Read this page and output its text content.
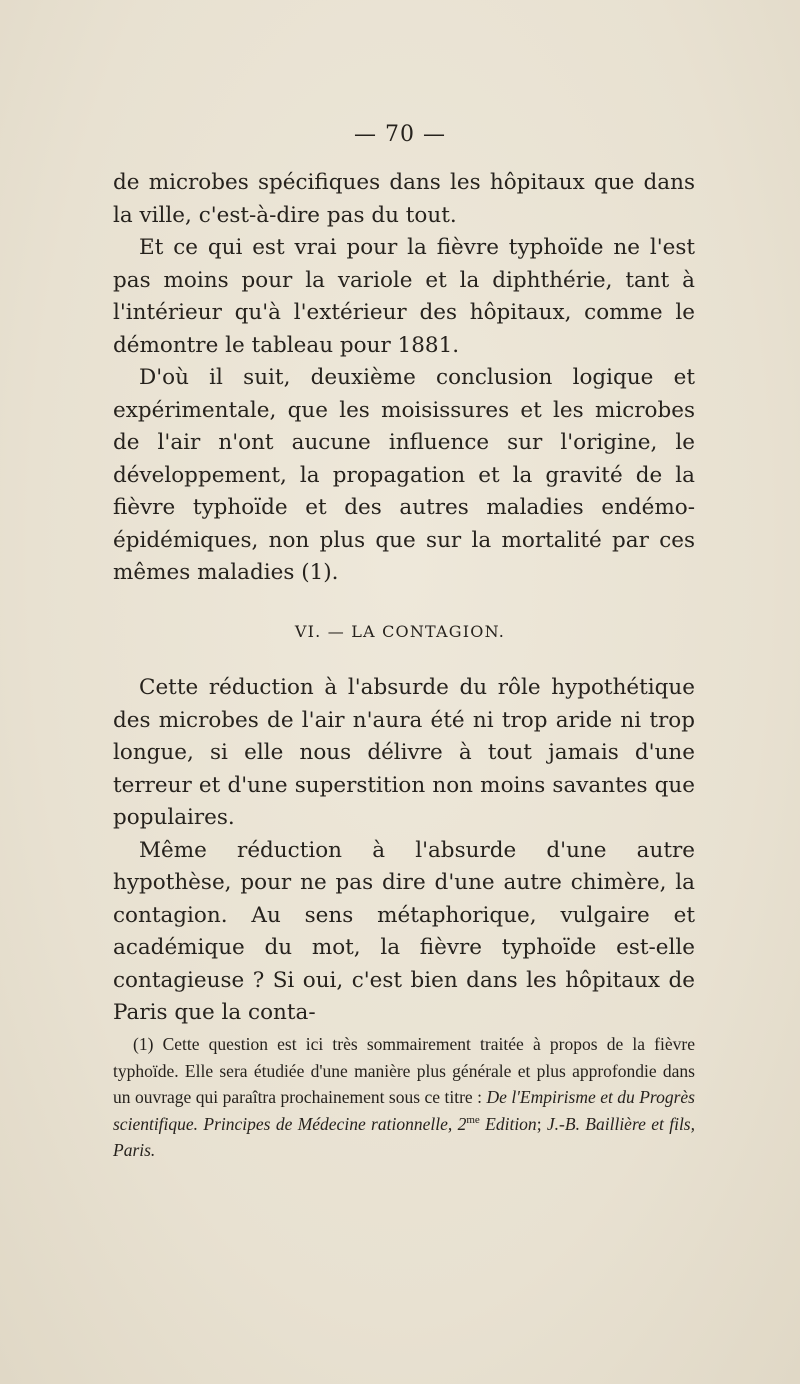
— 70 —

de microbes spécifiques dans les hôpitaux que dans la ville, c'est-à-dire pas du tout.

Et ce qui est vrai pour la fièvre typhoïde ne l'est pas moins pour la variole et la diphthérie, tant à l'intérieur qu'à l'extérieur des hôpitaux, comme le démontre le tableau pour 1881.

D'où il suit, deuxième conclusion logique et expérimentale, que les moisissures et les microbes de l'air n'ont aucune influence sur l'origine, le développement, la propagation et la gravité de la fièvre typhoïde et des autres maladies endémo-épidémiques, non plus que sur la mortalité par ces mêmes maladies (1).

VI. — LA CONTAGION.

Cette réduction à l'absurde du rôle hypothétique des microbes de l'air n'aura été ni trop aride ni trop longue, si elle nous délivre à tout jamais d'une terreur et d'une superstition non moins savantes que populaires.

Même réduction à l'absurde d'une autre hypothèse, pour ne pas dire d'une autre chimère, la contagion. Au sens métaphorique, vulgaire et académique du mot, la fièvre typhoïde est-elle contagieuse ? Si oui, c'est bien dans les hôpitaux de Paris que la conta-

(1) Cette question est ici très sommairement traitée à propos de la fièvre typhoïde. Elle sera étudiée d'une manière plus générale et plus approfondie dans un ouvrage qui paraîtra prochainement sous ce titre : De l'Empirisme et du Progrès scientifique. Principes de Médecine rationnelle, $2^{me}$ Edition; J.-B. Baillière et fils, Paris.
